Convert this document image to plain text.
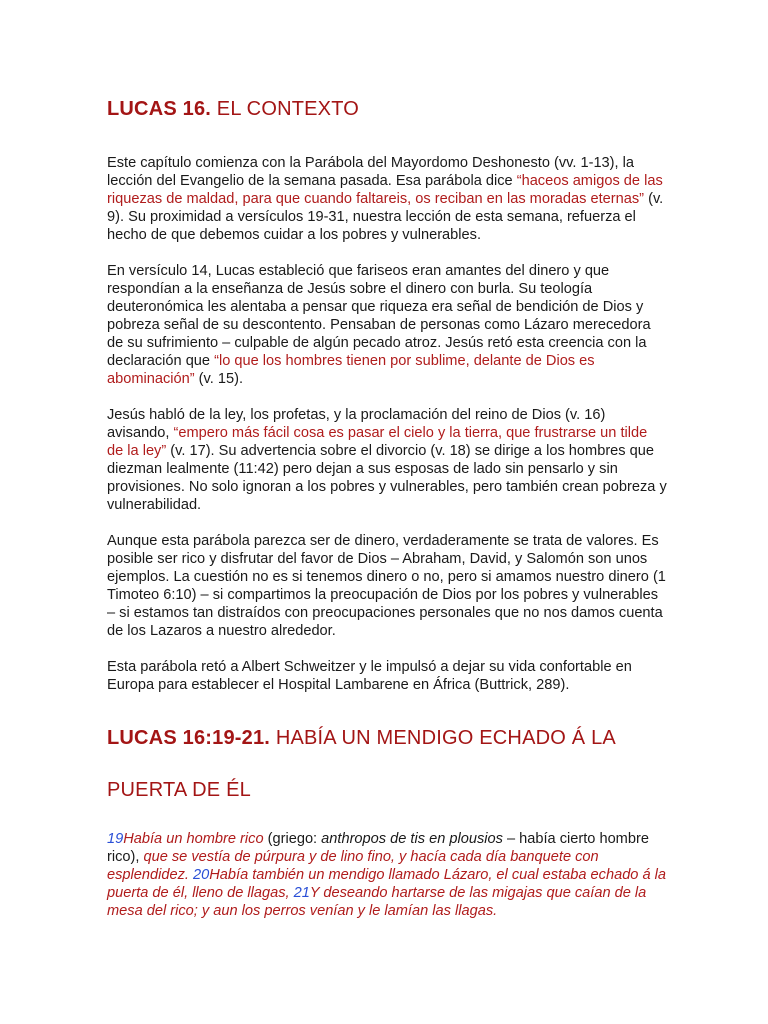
LUCAS 16. EL CONTEXTO

Este capítulo comienza con la Parábola del Mayordomo Deshonesto (vv. 1-13), la lección del Evangelio de la semana pasada. Esa parábola dice “haceos amigos de las riquezas de maldad, para que cuando faltareis, os reciban en las moradas eternas” (v. 9). Su proximidad a versículos 19-31, nuestra lección de esta semana, refuerza el hecho de que debemos cuidar a los pobres y vulnerables.

En versículo 14, Lucas estableció que fariseos eran amantes del dinero y que respondían a la enseñanza de Jesús sobre el dinero con burla. Su teología deuteronómica les alentaba a pensar que riqueza era señal de bendición de Dios y pobreza señal de su descontento. Pensaban de personas como Lázaro merecedora de su sufrimiento – culpable de algún pecado atroz. Jesús retó esta creencia con la declaración que “lo que los hombres tienen por sublime, delante de Dios es abominación” (v. 15).

Jesús habló de la ley, los profetas, y la proclamación del reino de Dios (v. 16) avisando, “empero más fácil cosa es pasar el cielo y la tierra, que frustrarse un tilde de la ley” (v. 17). Su advertencia sobre el divorcio (v. 18) se dirige a los hombres que diezman lealmente (11:42) pero dejan a sus esposas de lado sin pensarlo y sin provisiones. No solo ignoran a los pobres y vulnerables, pero también crean pobreza y vulnerabilidad.

Aunque esta parábola parezca ser de dinero, verdaderamente se trata de valores. Es posible ser rico y disfrutar del favor de Dios – Abraham, David, y Salomón son unos ejemplos. La cuestión no es si tenemos dinero o no, pero si amamos nuestro dinero (1 Timoteo 6:10) – si compartimos la preocupación de Dios por los pobres y vulnerables – si estamos tan distraídos con preocupaciones personales que no nos damos cuenta de los Lazaros a nuestro alrededor.

Esta parábola retó a Albert Schweitzer y le impulsó a dejar su vida confortable en Europa para establecer el Hospital Lambarene en África (Buttrick, 289).

LUCAS 16:19-21. HABÍA UN MENDIGO ECHADO Á LA PUERTA DE ÉL

19Había un hombre rico (griego: anthropos de tis en plousios – había cierto hombre rico), que se vestía de púrpura y de lino fino, y hacía cada día banquete con esplendidez. 20Había también un mendigo llamado Lázaro, el cual estaba echado á la puerta de él, lleno de llagas, 21Y deseando hartarse de las migajas que caían de la mesa del rico; y aun los perros venían y le lamían las llagas.
